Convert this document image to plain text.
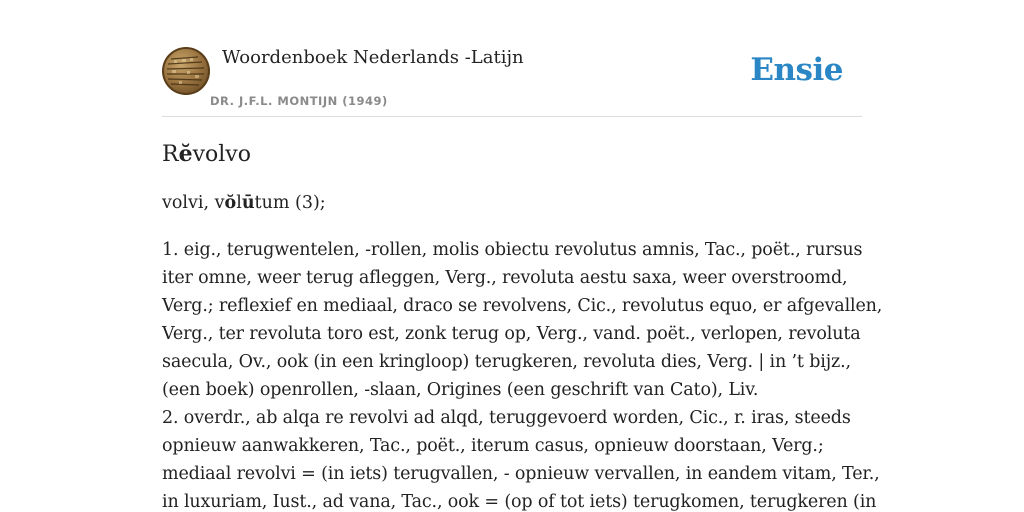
Woordenboek Nederlands -Latijn
DR. J.F.L. MONTIJN (1949)
Ensie
Rĕvolvo

volvi, vŏlūtum (3);

1. eig., terugwentelen, -rollen, molis obiectu revolutus amnis, Tac., poët., rursus
iter omne, weer terug afleggen, Verg., revoluta aestu saxa, weer overstroomd,
Verg.; reflexief en mediaal, draco se revolvens, Cic., revolutus equo, er afgevallen,
Verg., ter revoluta toro est, zonk terug op, Verg., vand. poët., verlopen, revoluta
saecula, Ov., ook (in een kringloop) terugkeren, revoluta dies, Verg. | in ’t bijz.,
(een boek) openrollen, -slaan, Origines (een geschrift van Cato), Liv.
2. overdr., ab alqa re revolvi ad alqd, teruggevoerd worden, Cic., r. iras, steeds
opnieuw aanwakkeren, Tac., poët., iterum casus, opnieuw doorstaan, Verg.;
mediaal revolvi = (in iets) terugvallen, - opnieuw vervallen, in eandem vitam, Ter.,
in luxuriam, Iust., ad vana, Tac., ook = (op of tot iets) terugkomen, terugkeren (in
